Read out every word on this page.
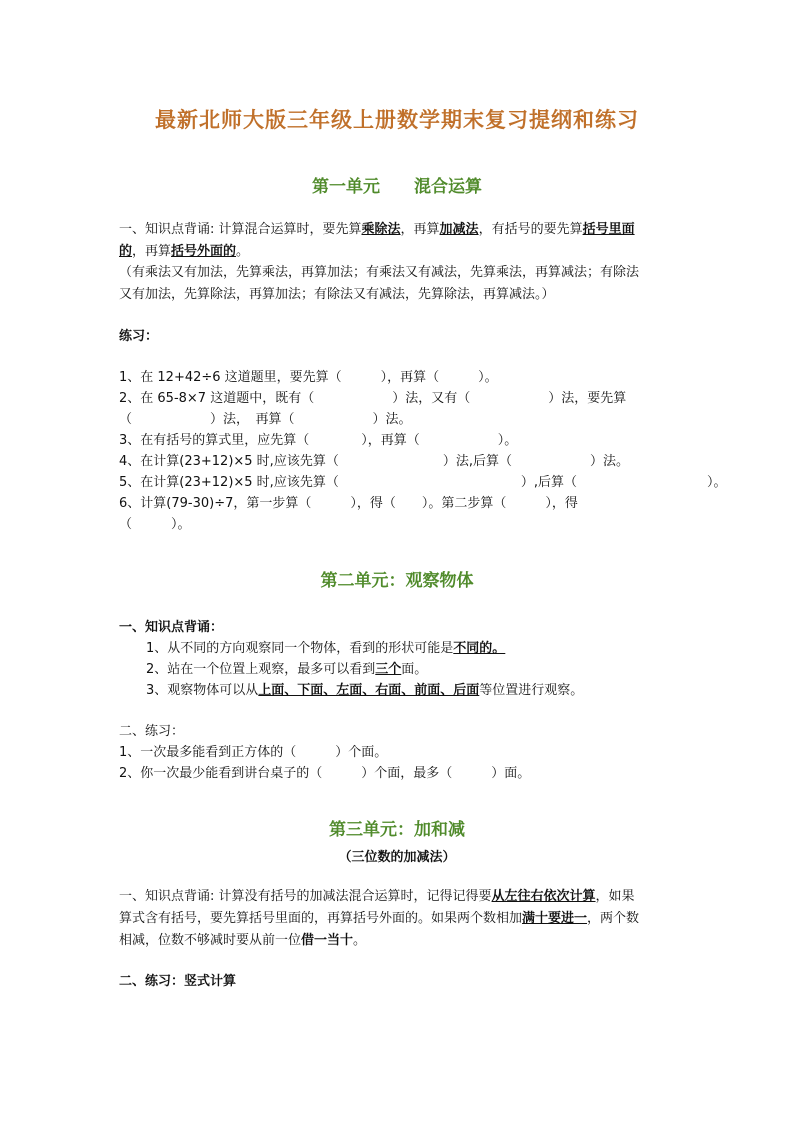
最新北师大版三年级上册数学期末复习提纲和练习
第一单元　　混合运算
一、知识点背诵: 计算混合运算时，要先算乘除法，再算加减法，有括号的要先算括号里面
的，再算括号外面的。
（有乘法又有加法，先算乘法，再算加法；有乘法又有减法，先算乘法，再算减法；有除法
又有加法，先算除法，再算加法；有除法又有减法，先算除法，再算减法。）
练习：
1、在 12+42÷6 这道题里，要先算（　　　），再算（　　　）。
2、在 65-8×7 这道题中，既有（　　　　　　）法，又有（　　　　　　）法，要先算
（　　　　　　）法，　再算（　　　　　　）法。
3、在有括号的算式里，应先算（　　　　），再算（　　　　　　）。
4、在计算(23+12)×5 时,应该先算（　　　　　　　　）法,后算（　　　　　　）法。
5、在计算(23+12)×5 时,应该先算（　　　　　　　　　　　　　　）,后算（　　　　　　　　　　）。
6、计算(79-30)÷7，第一步算（　　　），得（　　）。第二步算（　　　），得
（　　　）。
第二单元：观察物体
一、知识点背诵：
1、从不同的方向观察同一个物体，看到的形状可能是不同的。
2、站在一个位置上观察，最多可以看到三个面。
3、观察物体可以从上面、下面、左面、右面、前面、后面等位置进行观察。
二、练习：
1、一次最多能看到正方体的（　　　）个面。
2、你一次最少能看到讲台桌子的（　　　）个面，最多（　　　）面。
第三单元：加和减
（三位数的加减法）
一、知识点背诵: 计算没有括号的加减法混合运算时，记得记得要从左往右依次计算，如果
算式含有括号，要先算括号里面的，再算括号外面的。如果两个数相加满十要进一，两个数
相减，位数不够减时要从前一位借一当十。
二、练习：竖式计算
